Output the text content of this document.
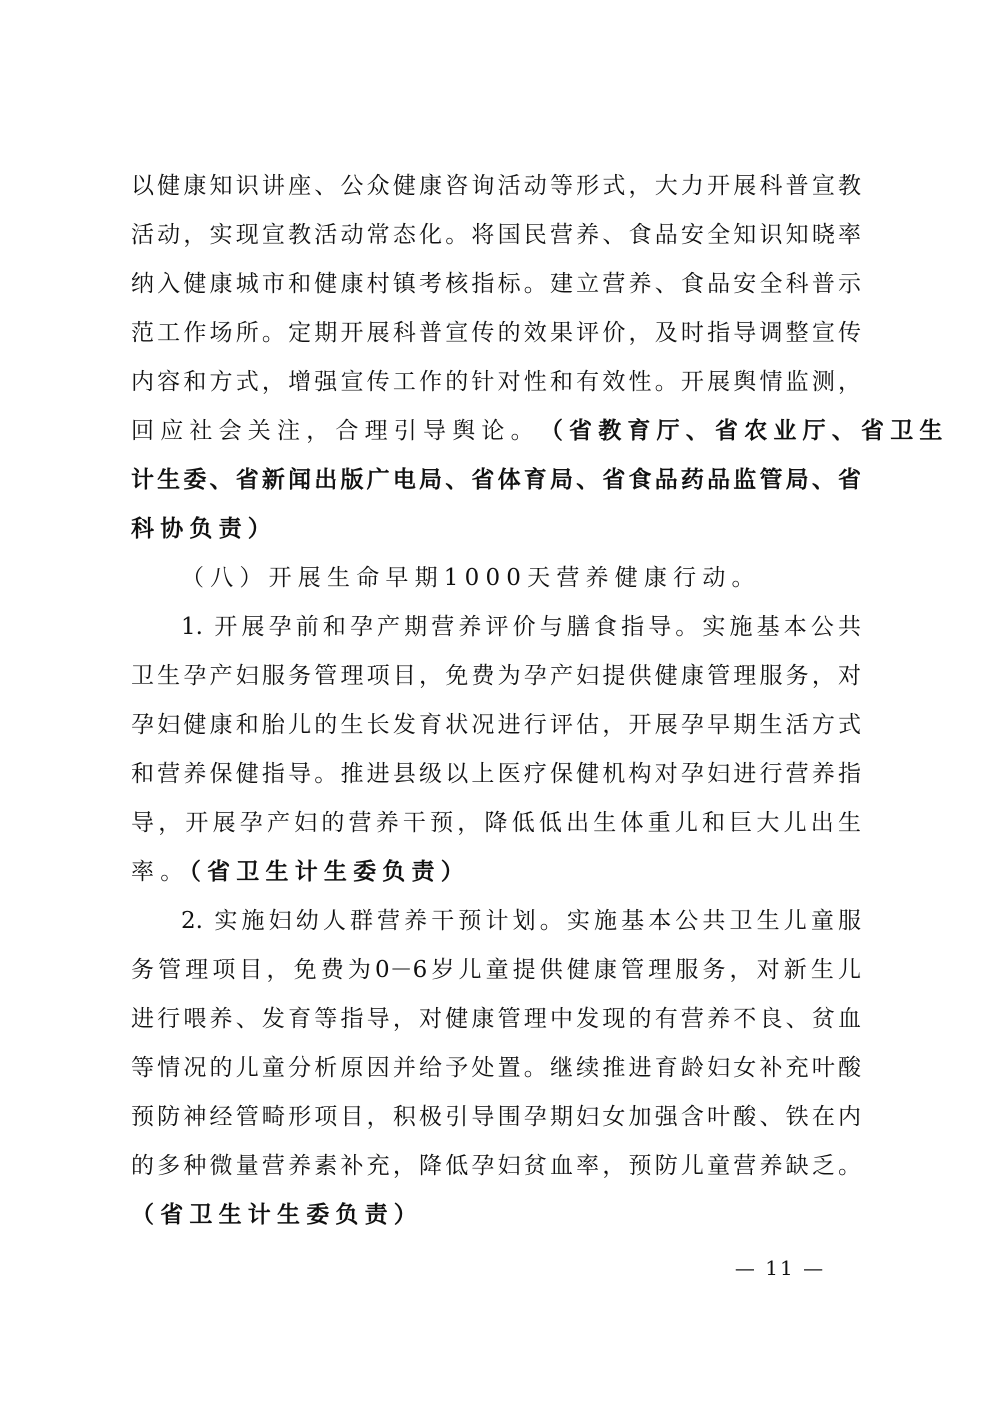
以健康知识讲座、公众健康咨询活动等形式，大力开展科普宣教
活动，实现宣教活动常态化。将国民营养、食品安全知识知晓率
纳入健康城市和健康村镇考核指标。建立营养、食品安全科普示
范工作场所。定期开展科普宣传的效果评价，及时指导调整宣传
内容和方式，增强宣传工作的针对性和有效性。开展舆情监测，
回应社会关注，合理引导舆论。 （省教育厅、省农业厅、省卫生
计生委、省新闻出版广电局、省体育局、省食品药品监管局、省
科协负责）
（八）开展生命早期1000天营养健康行动。
1. 开展孕前和孕产期营养评价与膳食指导。实施基本公共
卫生孕产妇服务管理项目，免费为孕产妇提供健康管理服务，对
孕妇健康和胎儿的生长发育状况进行评估，开展孕早期生活方式
和营养保健指导。推进县级以上医疗保健机构对孕妇进行营养指
导，开展孕产妇的营养干预，降低低出生体重儿和巨大儿出生
率。（省卫生计生委负责）
2. 实施妇幼人群营养干预计划。实施基本公共卫生儿童服
务管理项目，免费为0－6岁儿童提供健康管理服务，对新生儿
进行喂养、发育等指导，对健康管理中发现的有营养不良、贫血
等情况的儿童分析原因并给予处置。继续推进育龄妇女补充叶酸
预防神经管畸形项目，积极引导围孕期妇女加强含叶酸、铁在内
的多种微量营养素补充，降低孕妇贫血率，预防儿童营养缺乏。
（省卫生计生委负责）
— 11 —
